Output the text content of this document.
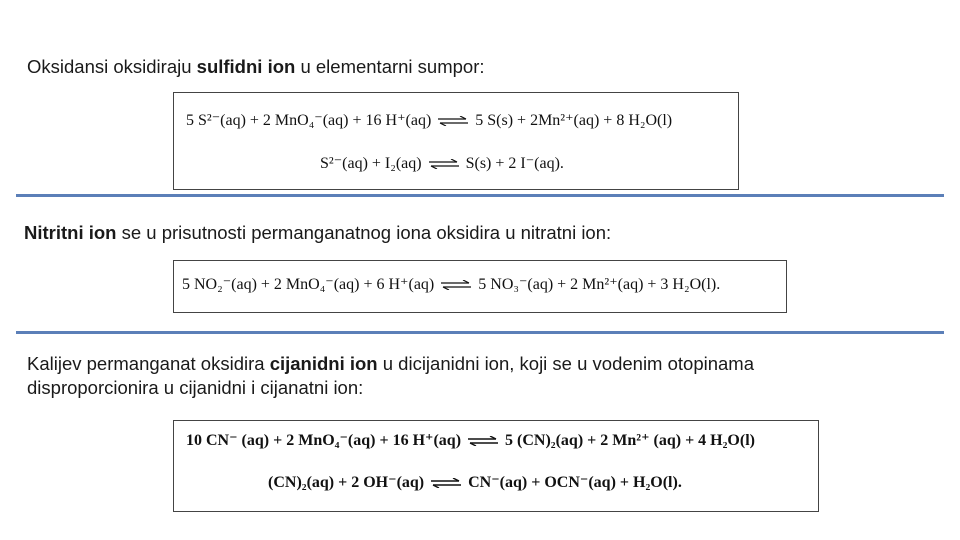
Oksidansi oksidiraju sulfidni ion u elementarni sumpor:
5 S²⁻(aq) + 2 MnO₄⁻(aq) + 16 H⁺(aq) ⇌ 5 S(s) + 2Mn²⁺(aq) + 8 H₂O(l)
S²⁻(aq) + I₂(aq) ⇌ S(s) + 2 I⁻(aq).
Nitritni ion se u prisutnosti permanganatnog iona oksidira u nitratni ion:
5 NO₂⁻(aq) + 2 MnO₄⁻(aq) + 6 H⁺(aq) ⇌ 5 NO₃⁻(aq) + 2 Mn²⁺(aq) + 3 H₂O(l).
Kalijev permanganat oksidira cijanidni ion u dicijanidni ion, koji se u vodenim otopinama
disproporcionira u cijanidni i cijanatni ion:
10 CN⁻ (aq) + 2 MnO₄⁻(aq) + 16 H⁺(aq) ⇌ 5 (CN)₂(aq) + 2 Mn²⁺ (aq) + 4 H₂O(l)
(CN)₂(aq) + 2 OH⁻(aq) ⇌ CN⁻(aq) + OCN⁻(aq) + H₂O(l).
